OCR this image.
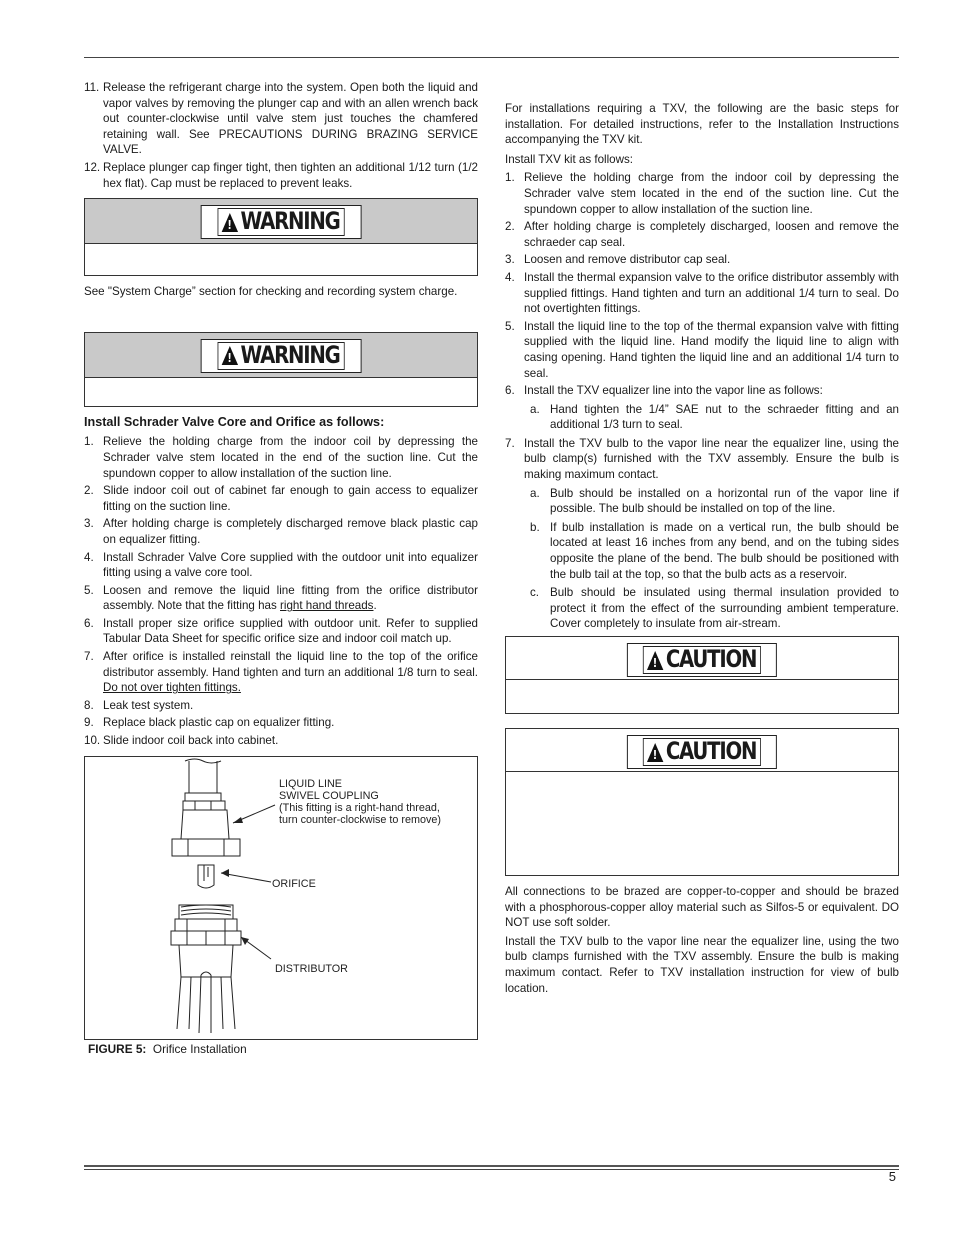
11. Release the refrigerant charge into the system. Open both the liquid and vapor valves by removing the plunger cap and with an allen wrench back out counter-clockwise until valve stem just touches the chamfered retaining wall. See PRECAUTIONS DURING BRAZING SERVICE VALVE.
12. Replace plunger cap finger tight, then tighten an additional 1/12 turn (1/2 hex flat). Cap must be replaced to prevent leaks.
! WARNING

See "System Charge” section for checking and recording system charge.

! WARNING
Install Schrader Valve Core and Orifice as follows:
1. Relieve the holding charge from the indoor coil by depressing the Schrader valve stem located in the end of the suction line. Cut the spundown copper to allow installation of the suction line.
2. Slide indoor coil out of cabinet far enough to gain access to equalizer fitting on the suction line.
3. After holding charge is completely discharged remove black plastic cap on equalizer fitting.
4. Install Schrader Valve Core supplied with the outdoor unit into equalizer fitting using a valve core tool.
5. Loosen and remove the liquid line fitting from the orifice distributor assembly. Note that the fitting has right hand threads.
6. Install proper size orifice supplied with outdoor unit. Refer to supplied Tabular Data Sheet for specific orifice size and indoor coil match up.
7. After orifice is installed reinstall the liquid line to the top of the orifice distributor assembly. Hand tighten and turn an additional 1/8 turn to seal. Do not over tighten fittings.
8. Leak test system.
9. Replace black plastic cap on equalizer fitting.
10. Slide indoor coil back into cabinet.
LIQUID LINE
SWIVEL COUPLING
(This fitting is a right-hand thread,
turn counter-clockwise to remove)
ORIFICE
DISTRIBUTOR
FIGURE 5: Orifice Installation

For installations requiring a TXV, the following are the basic steps for installation. For detailed instructions, refer to the Installation Instructions accompanying the TXV kit.

Install TXV kit as follows:

1. Relieve the holding charge from the indoor coil by depressing the Schrader valve stem located in the end of the suction line. Cut the spundown copper to allow installation of the suction line.
2. After holding charge is completely discharged, loosen and remove the schraeder cap seal.
3. Loosen and remove distributor cap seal.
4. Install the thermal expansion valve to the orifice distributor assembly with supplied fittings. Hand tighten and turn an additional 1/4 turn to seal. Do not overtighten fittings.
5. Install the liquid line to the top of the thermal expansion valve with fitting supplied with the liquid line. Hand modify the liquid line to align with casing opening. Hand tighten the liquid line and an additional 1/4 turn to seal.
6. Install the TXV equalizer line into the vapor line as follows:
a. Hand tighten the 1/4” SAE nut to the schraeder fitting and an additional 1/3 turn to seal.
7. Install the TXV bulb to the vapor line near the equalizer line, using the bulb clamp(s) furnished with the TXV assembly. Ensure the bulb is making maximum contact.
a. Bulb should be installed on a horizontal run of the vapor line if possible. The bulb should be installed on top of the line.
b. If bulb installation is made on a vertical run, the bulb should be located at least 16 inches from any bend, and on the tubing sides opposite the plane of the bend. The bulb should be positioned with the bulb tail at the top, so that the bulb acts as a reservoir.
c. Bulb should be insulated using thermal insulation provided to protect it from the effect of the surrounding ambient temperature. Cover completely to insulate from air-stream.
! CAUTION
! CAUTION

All connections to be brazed are copper-to-copper and should be brazed with a phosphorous-copper alloy material such as Silfos-5 or equivalent. DO NOT use soft solder.

Install the TXV bulb to the vapor line near the equalizer line, using the two bulb clamps furnished with the TXV assembly. Ensure the bulb is making maximum contact. Refer to TXV installation instruction for view of bulb location.

5
